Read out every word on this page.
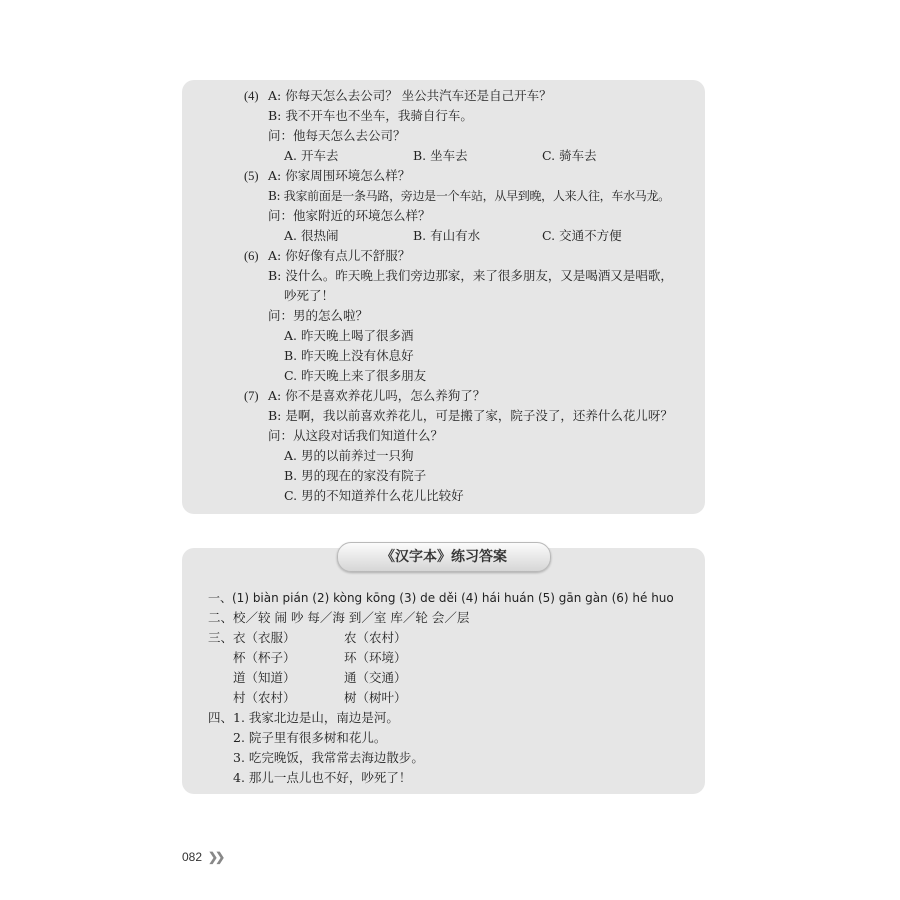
(4) A: 你每天怎么去公司？ 坐公共汽车还是自己开车？
B: 我不开车也不坐车，我骑自行车。
问：他每天怎么去公司？
A. 开车去	B. 坐车去	C. 骑车去
(5) A: 你家周围环境怎么样？
B: 我家前面是一条马路，旁边是一个车站，从早到晚，人来人往，车水马龙。
问：他家附近的环境怎么样？
A. 很热闹	B. 有山有水	C. 交通不方便
(6) A: 你好像有点儿不舒服？
B: 没什么。昨天晚上我们旁边那家，来了很多朋友，又是喝酒又是唱歌，
吵死了！
问：男的怎么啦？
A. 昨天晚上喝了很多酒
B. 昨天晚上没有休息好
C. 昨天晚上来了很多朋友
(7) A: 你不是喜欢养花儿吗，怎么养狗了？
B: 是啊，我以前喜欢养花儿，可是搬了家，院子没了，还养什么花儿呀？
问：从这段对话我们知道什么？
A. 男的以前养过一只狗
B. 男的现在的家没有院子
C. 男的不知道养什么花儿比较好
《汉字本》练习答案
一、(1) biàn pián (2) kòng kōng (3) de děi (4) hái huán (5) gān gàn (6) hé huo
二、校／较 闹 吵 每／海 到／室 库／轮 会／层
三、衣（衣服）	农（农村）
杯（杯子）	环（环境）
道（知道）	通（交通）
村（农村）	树（树叶）
四、1. 我家北边是山，南边是河。
2. 院子里有很多树和花儿。
3. 吃完晚饭，我常常去海边散步。
4. 那儿一点儿也不好，吵死了！
082 ❯❯
